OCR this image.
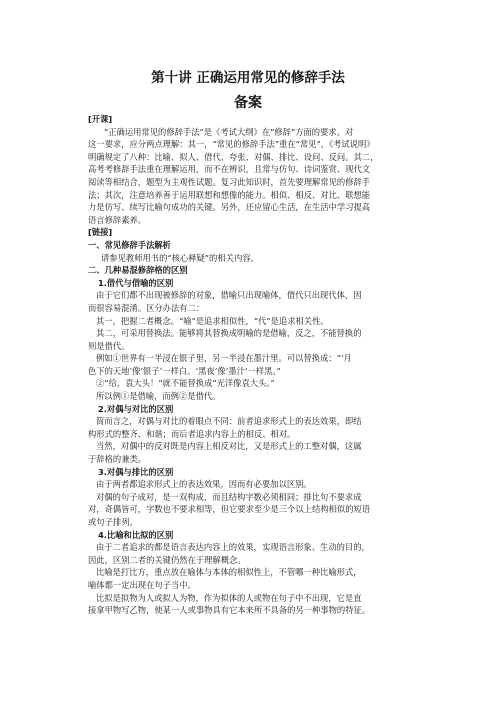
第十讲 正确运用常见的修辞手法
备案

[开课]

“正确运用常见的修辞手法”是《考试大纲》在“修辞”方面的要求。对

这一要求，应分两点理解：其一，“常见的修辞手法”重在“常见”，《考试说明》

明确规定了八种：比喻、拟人、借代、夸张、对偶、排比、设问、反问。其二，

高考考修辞手法重在理解运用，而不在辨识，且常与仿句、诗词鉴赏、现代文

阅读等相结合，题型为主观性试题。复习此知识时，首先要理解常见的修辞手

法；其次，注意培养善于运用联想和想像的能力。相似、相反、对比、联想能

力是仿写、续写比喻句成功的关键。另外，还应留心生活，在生活中学习提高

语言修辞素养。

[链接]

一、常见修辞手法解析

请参见教师用书的“核心释疑”的相关内容。

二、几种易混修辞格的区别

1.借代与借喻的区别

由于它们都不出现被修辞的对象，借喻只出现喻体，借代只出现代体，因

而很容易混淆。区分办法有二：

其一，把握二者概念。“喻”是追求相似性，“代”是追求相关性。

其二，可采用替换法。能够将其替换成明喻的是借喻，反之，不能替换的

则是借代。

例如①世界有一半浸在银子里，另一半浸在墨汁里。可以替换成：“‘月

色下的天地’像‘银子’一样白。‘黑夜’像‘墨汁’一样黑。”

②“给，袁大头！”就不能替换成“光洋像袁大头。”

所以例①是借喻，而例②是借代。

2.对偶与对比的区别

简而言之，对偶与对比的着眼点不同：前者追求形式上的表达效果，即结

构形式的整齐、和谐；而后者追求内容上的相反、相对。

当然，对偶中的反对既是内容上相反对比，又是形式上的工整对偶，这属

于辞格的兼类。

3.对偶与排比的区别

由于两者都追求形式上的表达效果，因而有必要加以区别。

对偶的句子成对，是一双构成，而且结构字数必须相同；排比句不要求成

对，奇偶皆可，字数也不要求相等，但它要求至少是三个以上结构相似的短语

或句子排列。

4.比喻和比拟的区别

由于二者追求的都是语言表达内容上的效果，实现语言形象、生动的目的，

因此，区别二者的关键仍然在于理解概念。

比喻是打比方，重点放在喻体与本体的相似性上，不管哪一种比喻形式，

喻体都一定出现在句子当中。

比拟是拟物为人或拟人为物，作为拟体的人或物在句子中不出现，它是直

接拿甲物写乙物，使某一人或事物具有它本来所不具备的另一种事物的特征。
